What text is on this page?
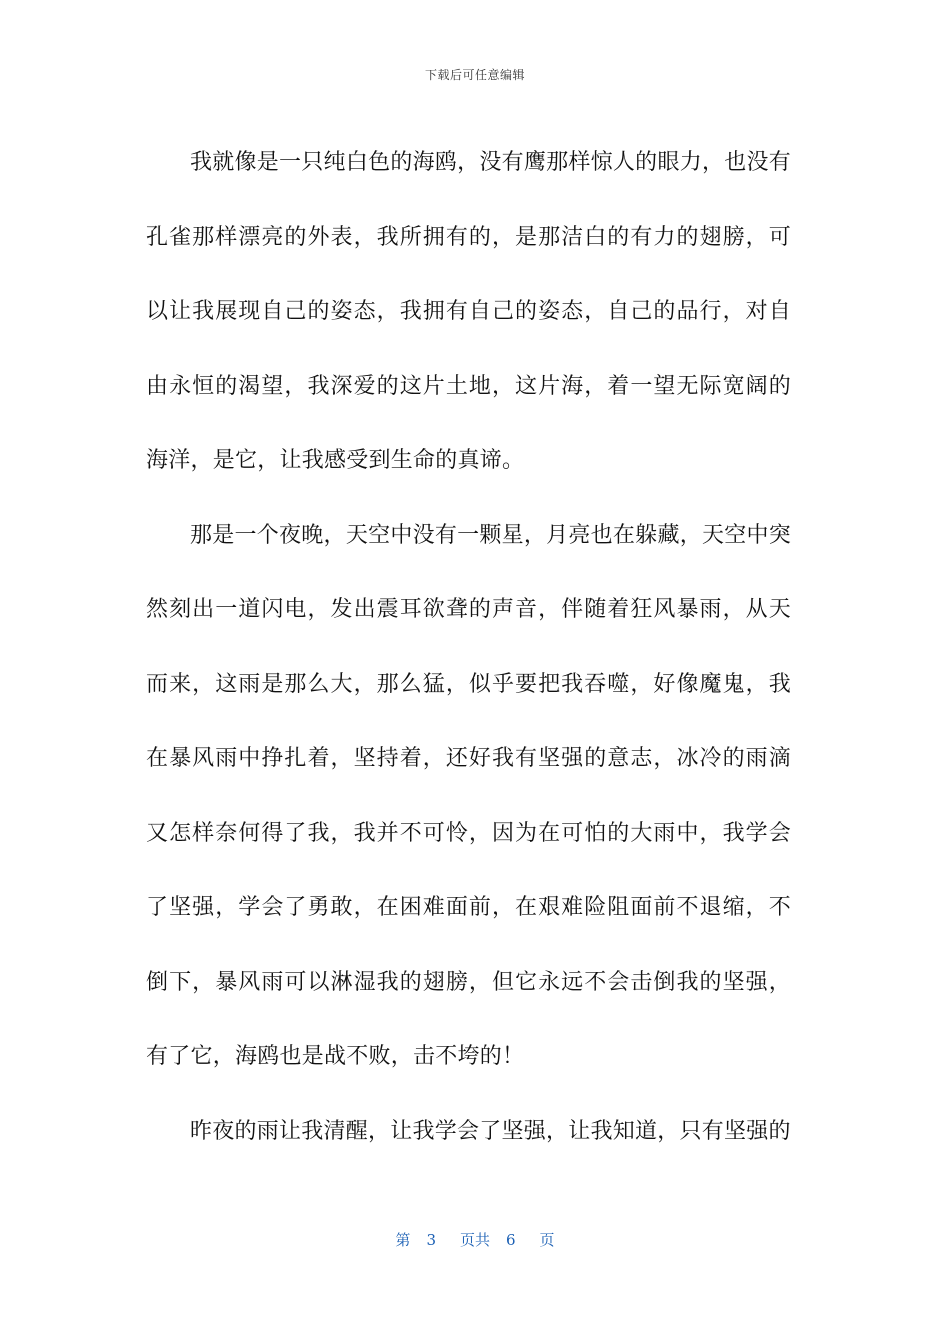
下载后可任意编辑

我就像是一只纯白色的海鸥，没有鹰那样惊人的眼力，也没有孔雀那样漂亮的外表，我所拥有的，是那洁白的有力的翅膀，可以让我展现自己的姿态，我拥有自己的姿态，自己的品行，对自由永恒的渴望，我深爱的这片土地，这片海，着一望无际宽阔的海洋，是它，让我感受到生命的真谛。

那是一个夜晚，天空中没有一颗星，月亮也在躲藏，天空中突然刻出一道闪电，发出震耳欲聋的声音，伴随着狂风暴雨，从天而来，这雨是那么大，那么猛，似乎要把我吞噬，好像魔鬼，我在暴风雨中挣扎着，坚持着，还好我有坚强的意志，冰冷的雨滴又怎样奈何得了我，我并不可怜，因为在可怕的大雨中，我学会了坚强，学会了勇敢，在困难面前，在艰难险阻面前不退缩，不倒下，暴风雨可以淋湿我的翅膀，但它永远不会击倒我的坚强，有了它，海鸥也是战不败，击不垮的！

昨夜的雨让我清醒，让我学会了坚强，让我知道，只有坚强的

第 3 页共 6 页
